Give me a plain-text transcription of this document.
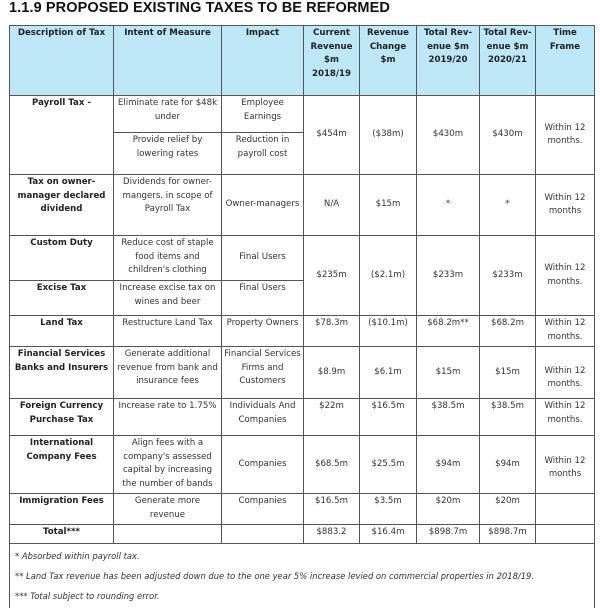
1.1.9 PROPOSED EXISTING TAXES TO BE REFORMED
Description of Tax	Intent of Measure	Impact	Current Revenue $m 2018/19	Revenue Change $m	Total Rev-enue $m 2019/20	Total Rev-enue $m 2020/21	Time Frame
Payroll Tax -	Eliminate rate for $48k under	Employee Earnings	$454m	($38m)	$430m	$430m	Within 12 months.
	Provide relief by lowering rates	Reduction in payroll cost					
Tax on owner-manager declared dividend	Dividends for owner-mangers. in scope of Payroll Tax	Owner-managers	N/A	$15m	*	*	Within 12 months
Custom Duty	Reduce cost of staple food items and children's clothing	Final Users	$235m	($2.1m)	$233m	$233m	Within 12 months.
Excise Tax	Increase excise tax on wines and beer	Final Users					
Land Tax	Restructure Land Tax	Property Owners	$78.3m	($10.1m)	$68.2m**	$68.2m	Within 12 months.
Financial Services Banks and Insurers	Generate additional revenue from bank and insurance fees	Financial Services Firms and Customers	$8.9m	$6.1m	$15m	$15m	Within 12 months.
Foreign Currency Purchase Tax	Increase rate to 1.75%	Individuals And Companies	$22m	$16.5m	$38.5m	$38.5m	Within 12 months.
International Company Fees	Align fees with a company's assessed capital by increasing the number of bands	Companies	$68.5m	$25.5m	$94m	$94m	Within 12 months
Immigration Fees	Generate more revenue	Companies	$16.5m	$3.5m	$20m	$20m	
Total***			$883.2	$16.4m	$898.7m	$898.7m	

* Absorbed within payroll tax.
** Land Tax revenue has been adjusted down due to the one year 5% increase levied on commercial properties in 2018/19.
*** Total subject to rounding error.							
